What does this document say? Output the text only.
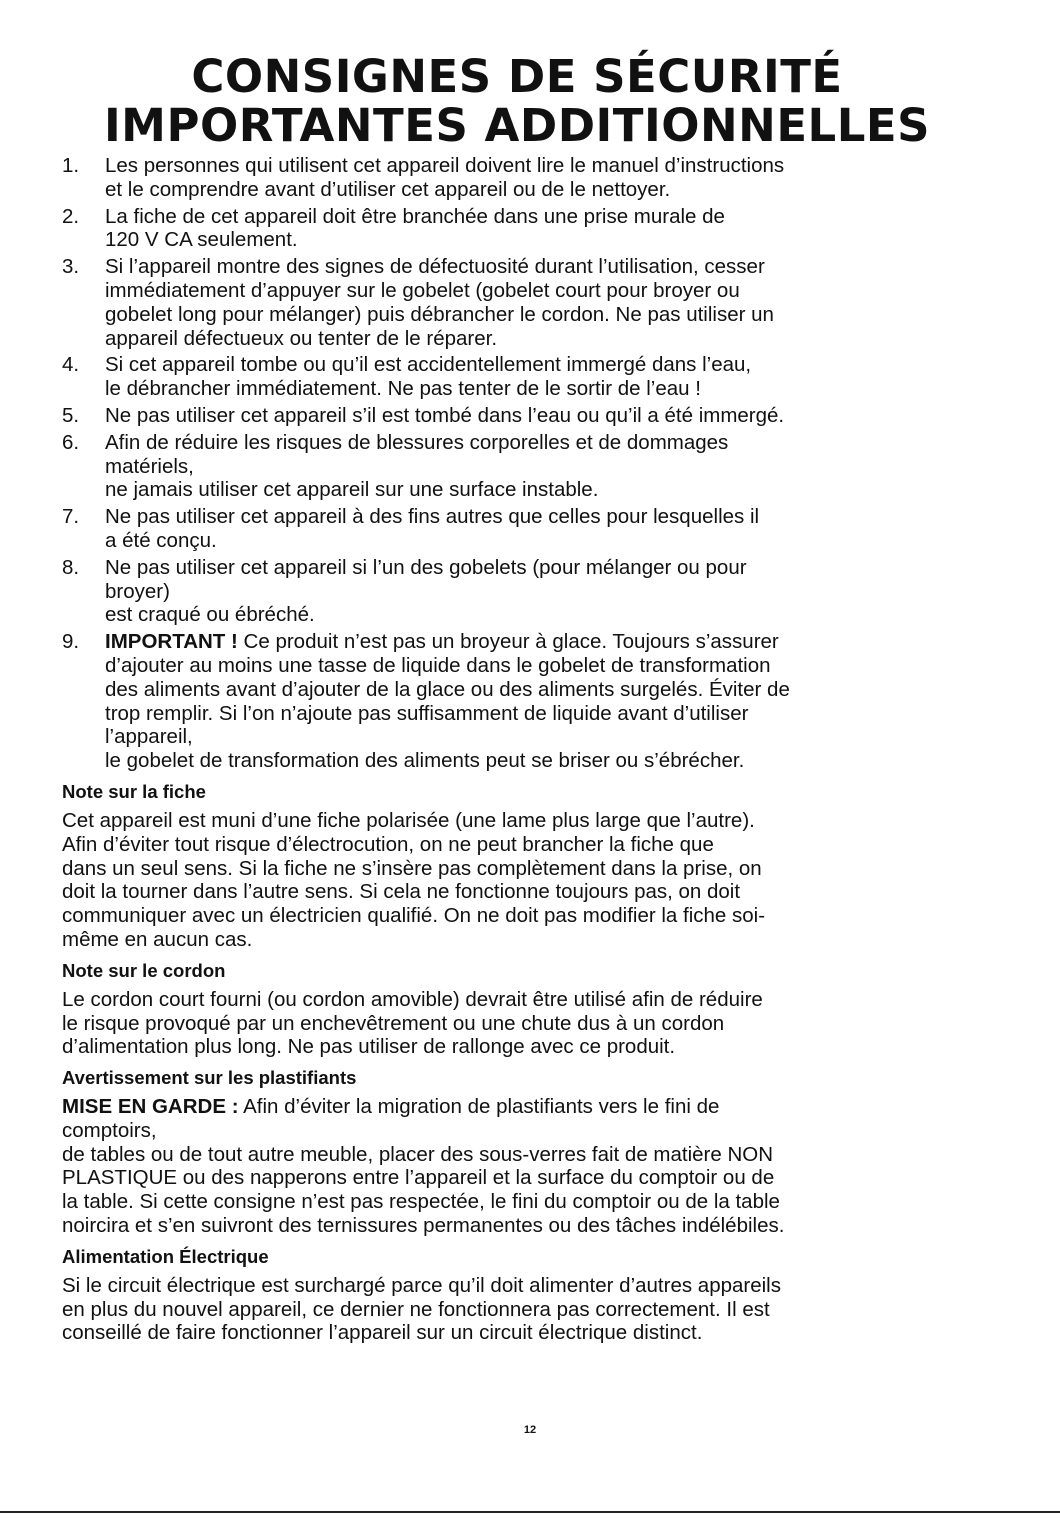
CONSIGNES DE SÉCURITÉ
IMPORTANTES ADDITIONNELLES
1. Les personnes qui utilisent cet appareil doivent lire le manuel d’instructions
et le comprendre avant d’utiliser cet appareil ou de le nettoyer.
2. La fiche de cet appareil doit être branchée dans une prise murale de
120 V CA seulement.
3. Si l’appareil montre des signes de défectuosité durant l’utilisation, cesser
immédiatement d’appuyer sur le gobelet (gobelet court pour broyer ou
gobelet long pour mélanger) puis débrancher le cordon. Ne pas utiliser un
appareil défectueux ou tenter de le réparer.
4. Si cet appareil tombe ou qu’il est accidentellement immergé dans l’eau,
le débrancher immédiatement. Ne pas tenter de le sortir de l’eau !
5. Ne pas utiliser cet appareil s’il est tombé dans l’eau ou qu’il a été immergé.
6. Afin de réduire les risques de blessures corporelles et de dommages
matériels,
ne jamais utiliser cet appareil sur une surface instable.
7. Ne pas utiliser cet appareil à des fins autres que celles pour lesquelles il
a été conçu.
8. Ne pas utiliser cet appareil si l’un des gobelets (pour mélanger ou pour
broyer)
est craqué ou ébréché.
9. IMPORTANT ! Ce produit n’est pas un broyeur à glace. Toujours s’assurer
d’ajouter au moins une tasse de liquide dans le gobelet de transformation
des aliments avant d’ajouter de la glace ou des aliments surgelés. Éviter de
trop remplir. Si l’on n’ajoute pas suffisamment de liquide avant d’utiliser
l’appareil,
le gobelet de transformation des aliments peut se briser ou s’ébrécher.
Note sur la fiche

Cet appareil est muni d’une fiche polarisée (une lame plus large que l’autre).
Afin d’éviter tout risque d’électrocution, on ne peut brancher la fiche que
dans un seul sens. Si la fiche ne s’insère pas complètement dans la prise, on
doit la tourner dans l’autre sens. Si cela ne fonctionne toujours pas, on doit
communiquer avec un électricien qualifié. On ne doit pas modifier la fiche soi-
même en aucun cas.

Note sur le cordon

Le cordon court fourni (ou cordon amovible) devrait être utilisé afin de réduire
le risque provoqué par un enchevêtrement ou une chute dus à un cordon
d’alimentation plus long. Ne pas utiliser de rallonge avec ce produit.

Avertissement sur les plastifiants

MISE EN GARDE : Afin d’éviter la migration de plastifiants vers le fini de
comptoirs,
de tables ou de tout autre meuble, placer des sous-verres fait de matière NON
PLASTIQUE ou des napperons entre l’appareil et la surface du comptoir ou de
la table. Si cette consigne n’est pas respectée, le fini du comptoir ou de la table
noircira et s’en suivront des ternissures permanentes ou des tâches indélébiles.

Alimentation Électrique

Si le circuit électrique est surchargé parce qu’il doit alimenter d’autres appareils
en plus du nouvel appareil, ce dernier ne fonctionnera pas correctement. Il est
conseillé de faire fonctionner l’appareil sur un circuit électrique distinct.

12
